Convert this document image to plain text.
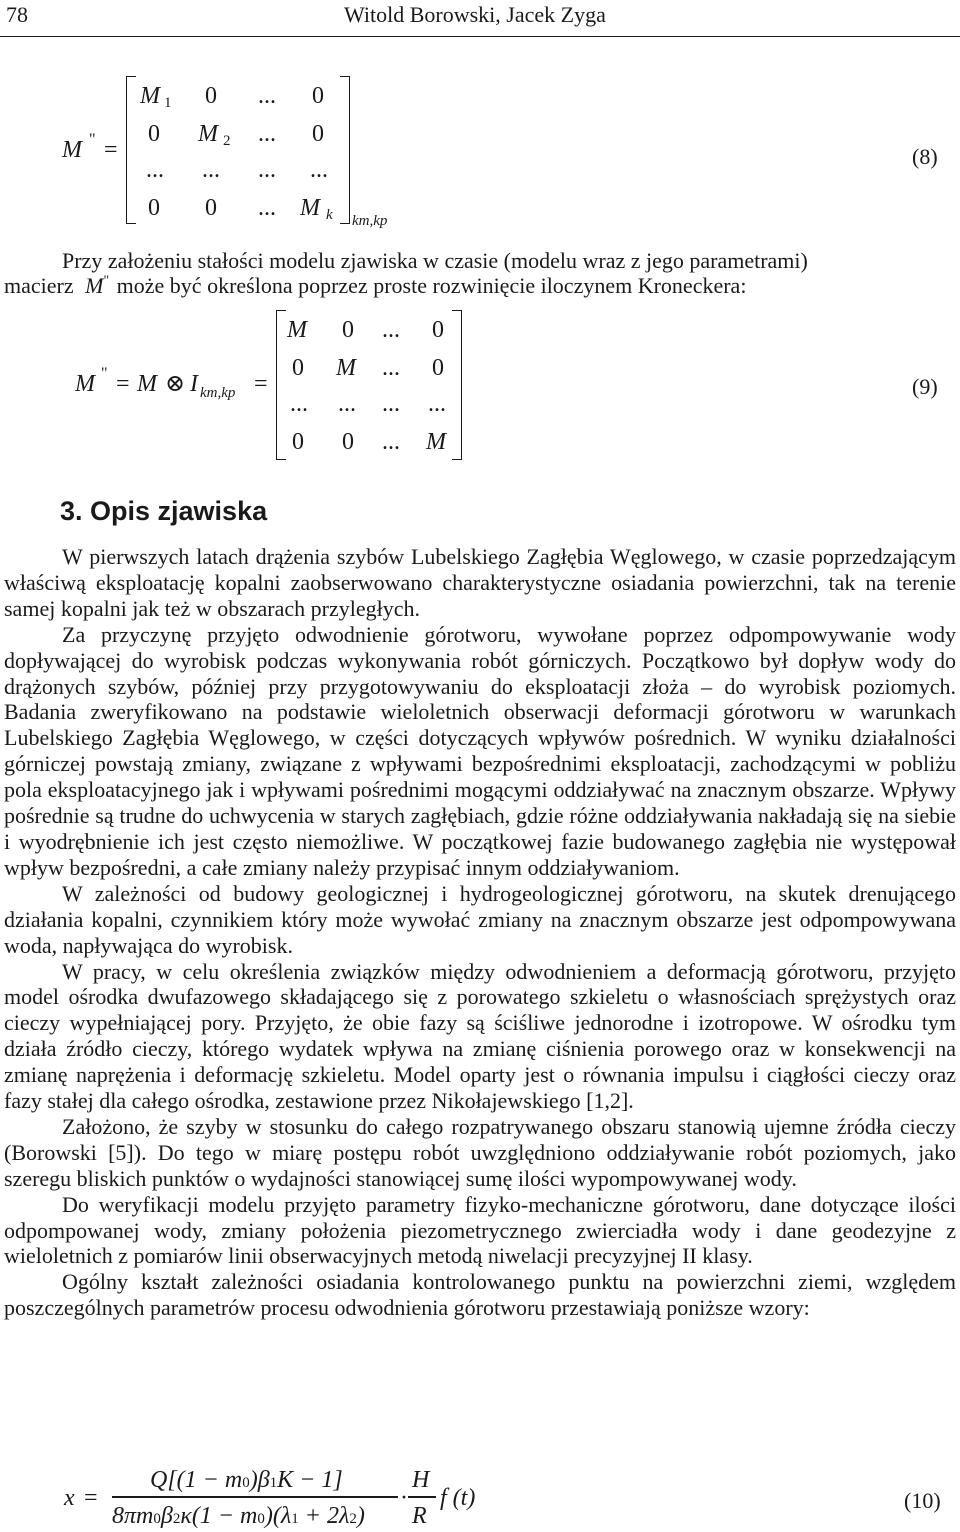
78	Witold Borowski, Jacek Zyga
M " =
M 1 0 ... 0
0 M 2 ... 0
... ... ... ...
0 0 ... M k km,kp
(8)
Przy założeniu stałości modelu zjawiska w czasie (modelu wraz z jego parametrami)
macierz M" może być określona poprzez proste rozwinięcie iloczynem Kroneckera:
M " = M ⊗ I km,kp =
M 0 ... 0
0 M ... 0
... ... ... ...
0 0 ... M
(9)
3. Opis zjawiska

W pierwszych latach drążenia szybów Lubelskiego Zagłębia Węglowego, w czasie poprzedzającym właściwą eksploatację kopalni zaobserwowano charakterystyczne osiadania powierzchni, tak na terenie samej kopalni jak też w obszarach przyległych.

Za przyczynę przyjęto odwodnienie górotworu, wywołane poprzez odpompowywanie wody dopływającej do wyrobisk podczas wykonywania robót górniczych. Początkowo był dopływ wody do drążonych szybów, później przy przygotowywaniu do eksploatacji złoża – do wyrobisk poziomych. Badania zweryfikowano na podstawie wieloletnich obserwacji deformacji górotworu w warunkach Lubelskiego Zagłębia Węglowego, w części dotyczących wpływów pośrednich. W wyniku działalności górniczej powstają zmiany, związane z wpływami bezpośrednimi eksploatacji, zachodzącymi w pobliżu pola eksploatacyjnego jak i wpływami pośrednimi mogącymi oddziaływać na znacznym obszarze. Wpływy pośrednie są trudne do uchwycenia w starych zagłębiach, gdzie różne oddziaływania nakładają się na siebie i wyodrębnienie ich jest często niemożliwe. W początkowej fazie budowanego zagłębia nie występował wpływ bezpośredni, a całe zmiany należy przypisać innym oddziaływaniom.

W zależności od budowy geologicznej i hydrogeologicznej górotworu, na skutek drenującego działania kopalni, czynnikiem który może wywołać zmiany na znacznym obszarze jest odpompowywana woda, napływająca do wyrobisk.

W pracy, w celu określenia związków między odwodnieniem a deformacją górotworu, przyjęto model ośrodka dwufazowego składającego się z porowatego szkieletu o własnościach sprężystych oraz cieczy wypełniającej pory. Przyjęto, że obie fazy są ściśliwe jednorodne i izotropowe. W ośrodku tym działa źródło cieczy, którego wydatek wpływa na zmianę ciśnienia porowego oraz w konsekwencji na zmianę naprężenia i deformację szkieletu. Model oparty jest o równania impulsu i ciągłości cieczy oraz fazy stałej dla całego ośrodka, zestawione przez Nikołajewskiego [1,2].

Założono, że szyby w stosunku do całego rozpatrywanego obszaru stanowią ujemne źródła cieczy (Borowski [5]). Do tego w miarę postępu robót uwzględniono oddziaływanie robót poziomych, jako szeregu bliskich punktów o wydajności stanowiącej sumę ilości wypompowywanej wody.

Do weryfikacji modelu przyjęto parametry fizyko-mechaniczne górotworu, dane dotyczące ilości odpompowanej wody, zmiany położenia piezometrycznego zwierciadła wody i dane geodezyjne z wieloletnich z pomiarów linii obserwacyjnych metodą niwelacji precyzyjnej II klasy.

Ogólny kształt zależności osiadania kontrolowanego punktu na powierzchni ziemi, względem poszczególnych parametrów procesu odwodnienia górotworu przestawiają poniższe wzory:

x =
Q[(1 − m0)β1K − 1]
8πm0β2κ(1 − m0)(λ1 + 2λ2)
·
H
R
f (t)	(10)
